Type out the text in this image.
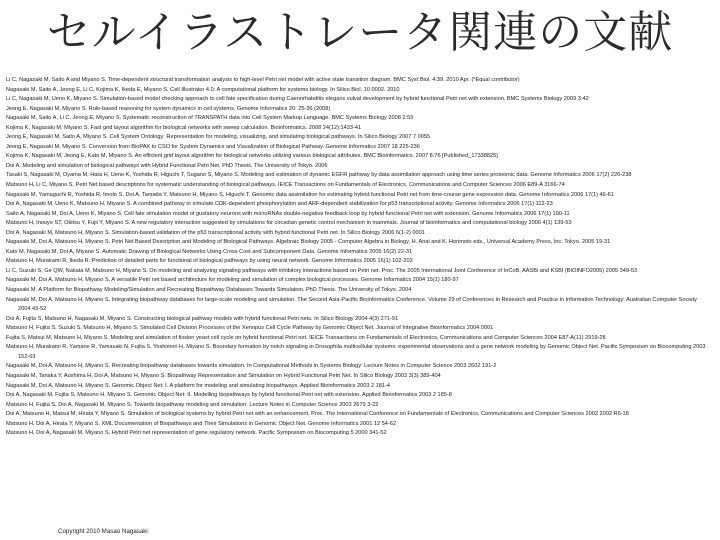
セルイラストレータ関連の文献
Li C, Nagasaki M, Saito A and Miyano S. Time-dependent structural transformation analysis to high-level Petri net model with active state transition diagram. BMC Syst Biol. 4:39. 2010 Apr. (*Equal contributor)
Nagasaki M, Saito A, Jeong E, Li C, Kojima K, Ikeda E, Miyano S. Cell Illustrator 4.0: A computational platform for systems biology. In Silico Biol. 10 0002. 2010
Li C, Nagasaki M, Ueno K, Miyano S. Simulation-based model checking approach to cell fate specification during Caenorhabditis elegans vulval development by hybrid functional Petri net with extension. BMC Systems Biology 2009 3:42
Jeong E, Nagasaki M, Miyano S. Rule-based reasoning for system dynamics in cell systems. Genome Informatics 20: 25-36 (2008)
Nagasaki M, Saito A, Li C, Jeong E, Miyano S. Systematic reconstruction of TRANSPATH data into Cell System Markup Language. BMC Systems Biology 2008 2:53
Kojima K, Nagasaki M, Miyano S. Fast grid layout algorithm for biological networks with sweep calculation. Bioinformatics. 2008 24(12):1433-41
Jeong E, Nagasaki M, Saito A, Miyano S. Cell System Ontology: Representation for modeling, visualizing, and simulating biological pathways. In Silico Biology 2007 7 0055
Jeong E, Nagasaki M, Miyano S. Conversion from BioPAX to CSO for System Dynamics and Visualization of Biological Pathway. Genome Informatics 2007 18 225-236
Kojima K, Nagasaki M, Jeong E, Kato M, Miyano S. An efficient grid layout algorithm for biological networks utilizing various biological attributes. BMC Bioinformatics. 2007 8:76 [Published_17338825]
Doi A. Modeling and simulation of biological pathways with Hybrid Functional Petri Net. PhD Thesis. The University of Tokyo. 2006
Tasaki S, Nagasaki M, Oyama M, Hata H, Ueno K, Yoshida R, Higuchi T, Sugano S, Miyano S. Modeling and estimation of dynamic EGFR pathway by data assimilation approach using time series proteomic data. Genome Informatics 2006 17(2) 226-238
Matsuno H, Li C, Miyano S. Petri Net based descriptions for systematic understanding of biological pathways. IEICE Transactions on Fundamentals of Electronics, Communications and Computer Sciences 2006 E89-A 3166-74
Nagasaki M, Yamaguchi R, Yoshida R, Imoto S, Doi A, Tamada Y, Matsuno H, Miyano S, Higuchi T. Genomic data assimilation for estimating hybrid functional Petri net from time-course gene expression data. Genome Informatics 2006 17(1) 46-61
Doi A, Nagasaki M, Ueno K, Matsuno H, Miyano S. A combined pathway to simulate CDK-dependent phosphorylation and ARF-dependent stabilization for p53 transcriptional activity. Genome Informatics 2006 17(1) 112-23
Saito A, Nagasaki M, Doi A, Ueno K, Miyano S. Cell fate simulation model of gustatory neurons with microRNAs double-negative feedback loop by hybrid functional Petri net with extension. Genome Informatics 2006 17(1) 100-11
Matsuno H, Inouye ST, Okitsu Y, Fujii Y, Miyano S. A new regulatory interaction suggested by simulations for circadian genetic control mechanism in mammals. Journal of bioinformatics and computational biology 2006 4(1) 139-53
Doi A, Nagasaki M, Matsuno H, Miyano S. Simulation-based validation of the p53 transcriptional activity with hybrid functional Petri net. In Silico Biology 2006 6(1-2) 0001
Nagasaki M, Doi A, Matsuno H, Miyano S. Petri Net Based Description and Modeling of Biological Pathways. Algebraic Biology 2005 - Computer Algebra in Biology, H. Anai and K. Horimoto eds., Universal Academy Press, Inc. Tokyo. 2005 19-31
Kato M, Nagasaki M, Doi A, Miyano S. Automatic Drawing of Biological Networks Using Cross Cost and Subcomponent Data. Genome Informatics 2005 16(2) 22-31
Matsuno H, Murakami R, Ikeda R. Prediction of detailed parts for functional of biological pathways by using neural network. Genome Informatics 2005 16(1) 102-202
Li C, Suzuki S, Ge QW, Nakata M, Matsuno H, Miyano S. On modeling and analyzing signaling pathways with inhibitory interactions based on Petri net. Proc. The 2005 International Joint Conference of InCoB, AASBi and KSBI (BIOINFO2005) 2005 349-53
Nagasaki M, Doi A, Matsuno H, Miyano S. A versatile Petri net based architecture for modeling and simulation of complex biological processes. Genome Informatics 2004 15(1) 180-97
Nagasaki M. A Platform for Biopathway Modeling/Simulation and Recreating Biopathway Databases Towards Simulation. PhD Thesis. The University of Tokyo. 2004
Nagasaki M, Doi A, Matsuno H, Miyano S. Integrating biopathway databases for large-scale modeling and simulation. The Second Asia-Pacific Bioinformatics Conference. Volume 29 of Conferences in Research and Practice in Information Technology: Australian Computer Society 2004 43-52
Doi A, Fujita S, Matsuno H, Nagasaki M, Miyano S. Constructing biological pathway models with hybrid functional Petri nets. In Silico Biology 2004 4(3) 271-91
Matsuno H, Fujita S, Suzuki S, Matsuno H, Miyano S. Simulated Cell Division Processes of the Xenopus Cell Cycle Pathway by Genomic Object Net. Journal of Integrative Bioinformatics 2004 0001
Fujita S, Matsui M, Matsuno H, Miyano S. Modeling and simulation of fission yeast cell cycle on hybrid functional Petri net. IEICE Transactions on Fundamentals of Electronics, Communications and Computer Sciences 2004 E87-A(11) 2919-28
Matsuno H, Murakami R, Yamane R, Yamasaki N, Fujita S, Yoshimori H, Miyano S. Boundary formation by notch signaling in Drosophila multicellular systems: experimental observations and a gene network modeling by Genomic Object Net. Pacific Symposium on Biocomputing 2003 152-63
Nagasaki M, Doi A, Matsuno H, Miyano S. Recreating biopathway databases towards simulation. In Computational Methods in Systems Biology: Lecture Notes in Computer Science 2003 2602 191-2
Nagasaki M, Tanaka Y, Aoshima H, Doi A, Matsuno H, Miyano S. Biopathway Representation and Simulation on Hybrid Functional Petri Net. In Silico Biology 2003 3(3) 389-404
Nagasaki M, Doi A, Matsuno H, Miyano S. Genomic Object Net: I. A platform for modeling and simulating biopathways. Applied Bioinformatics 2003 2 181-4
Doi A, Nagasaki M, Fujita S, Matsuno H, Miyano S. Genomic Object Net: II. Modelling biopathways by hybrid functional Petri net with extension. Applied Bioinformatics 2003 2 185-8
Matsuno H, Fujita S, Doi A, Nagasaki M, Miyano S. Towards biopathway modeling and simulation. Lecture Notes in Computer Science 2003 2679 3-22
Doi A, Matsuno H, Matsui M, Hirata Y, Miyano S. Simulation of biological systems by hybrid Petri net with an enhancement. Proc. The International Conference on Fundamentals of Electronics, Communications and Computer Sciences 2002 2002 R6-18
Matsuno H, Doi A, Hirata Y, Miyano S. XML Documentation of Biopathways and Their Simulations in Genomic Object Net. Genome Informatics 2001 12 54-62
Matsuno H, Doi A, Nagasaki M, Miyano S. Hybrid Petri net representation of gene regulatory network. Pacific Symposium on Biocomputing 5 2000 341-52
Copyright 2010 Masao Nagasaki
